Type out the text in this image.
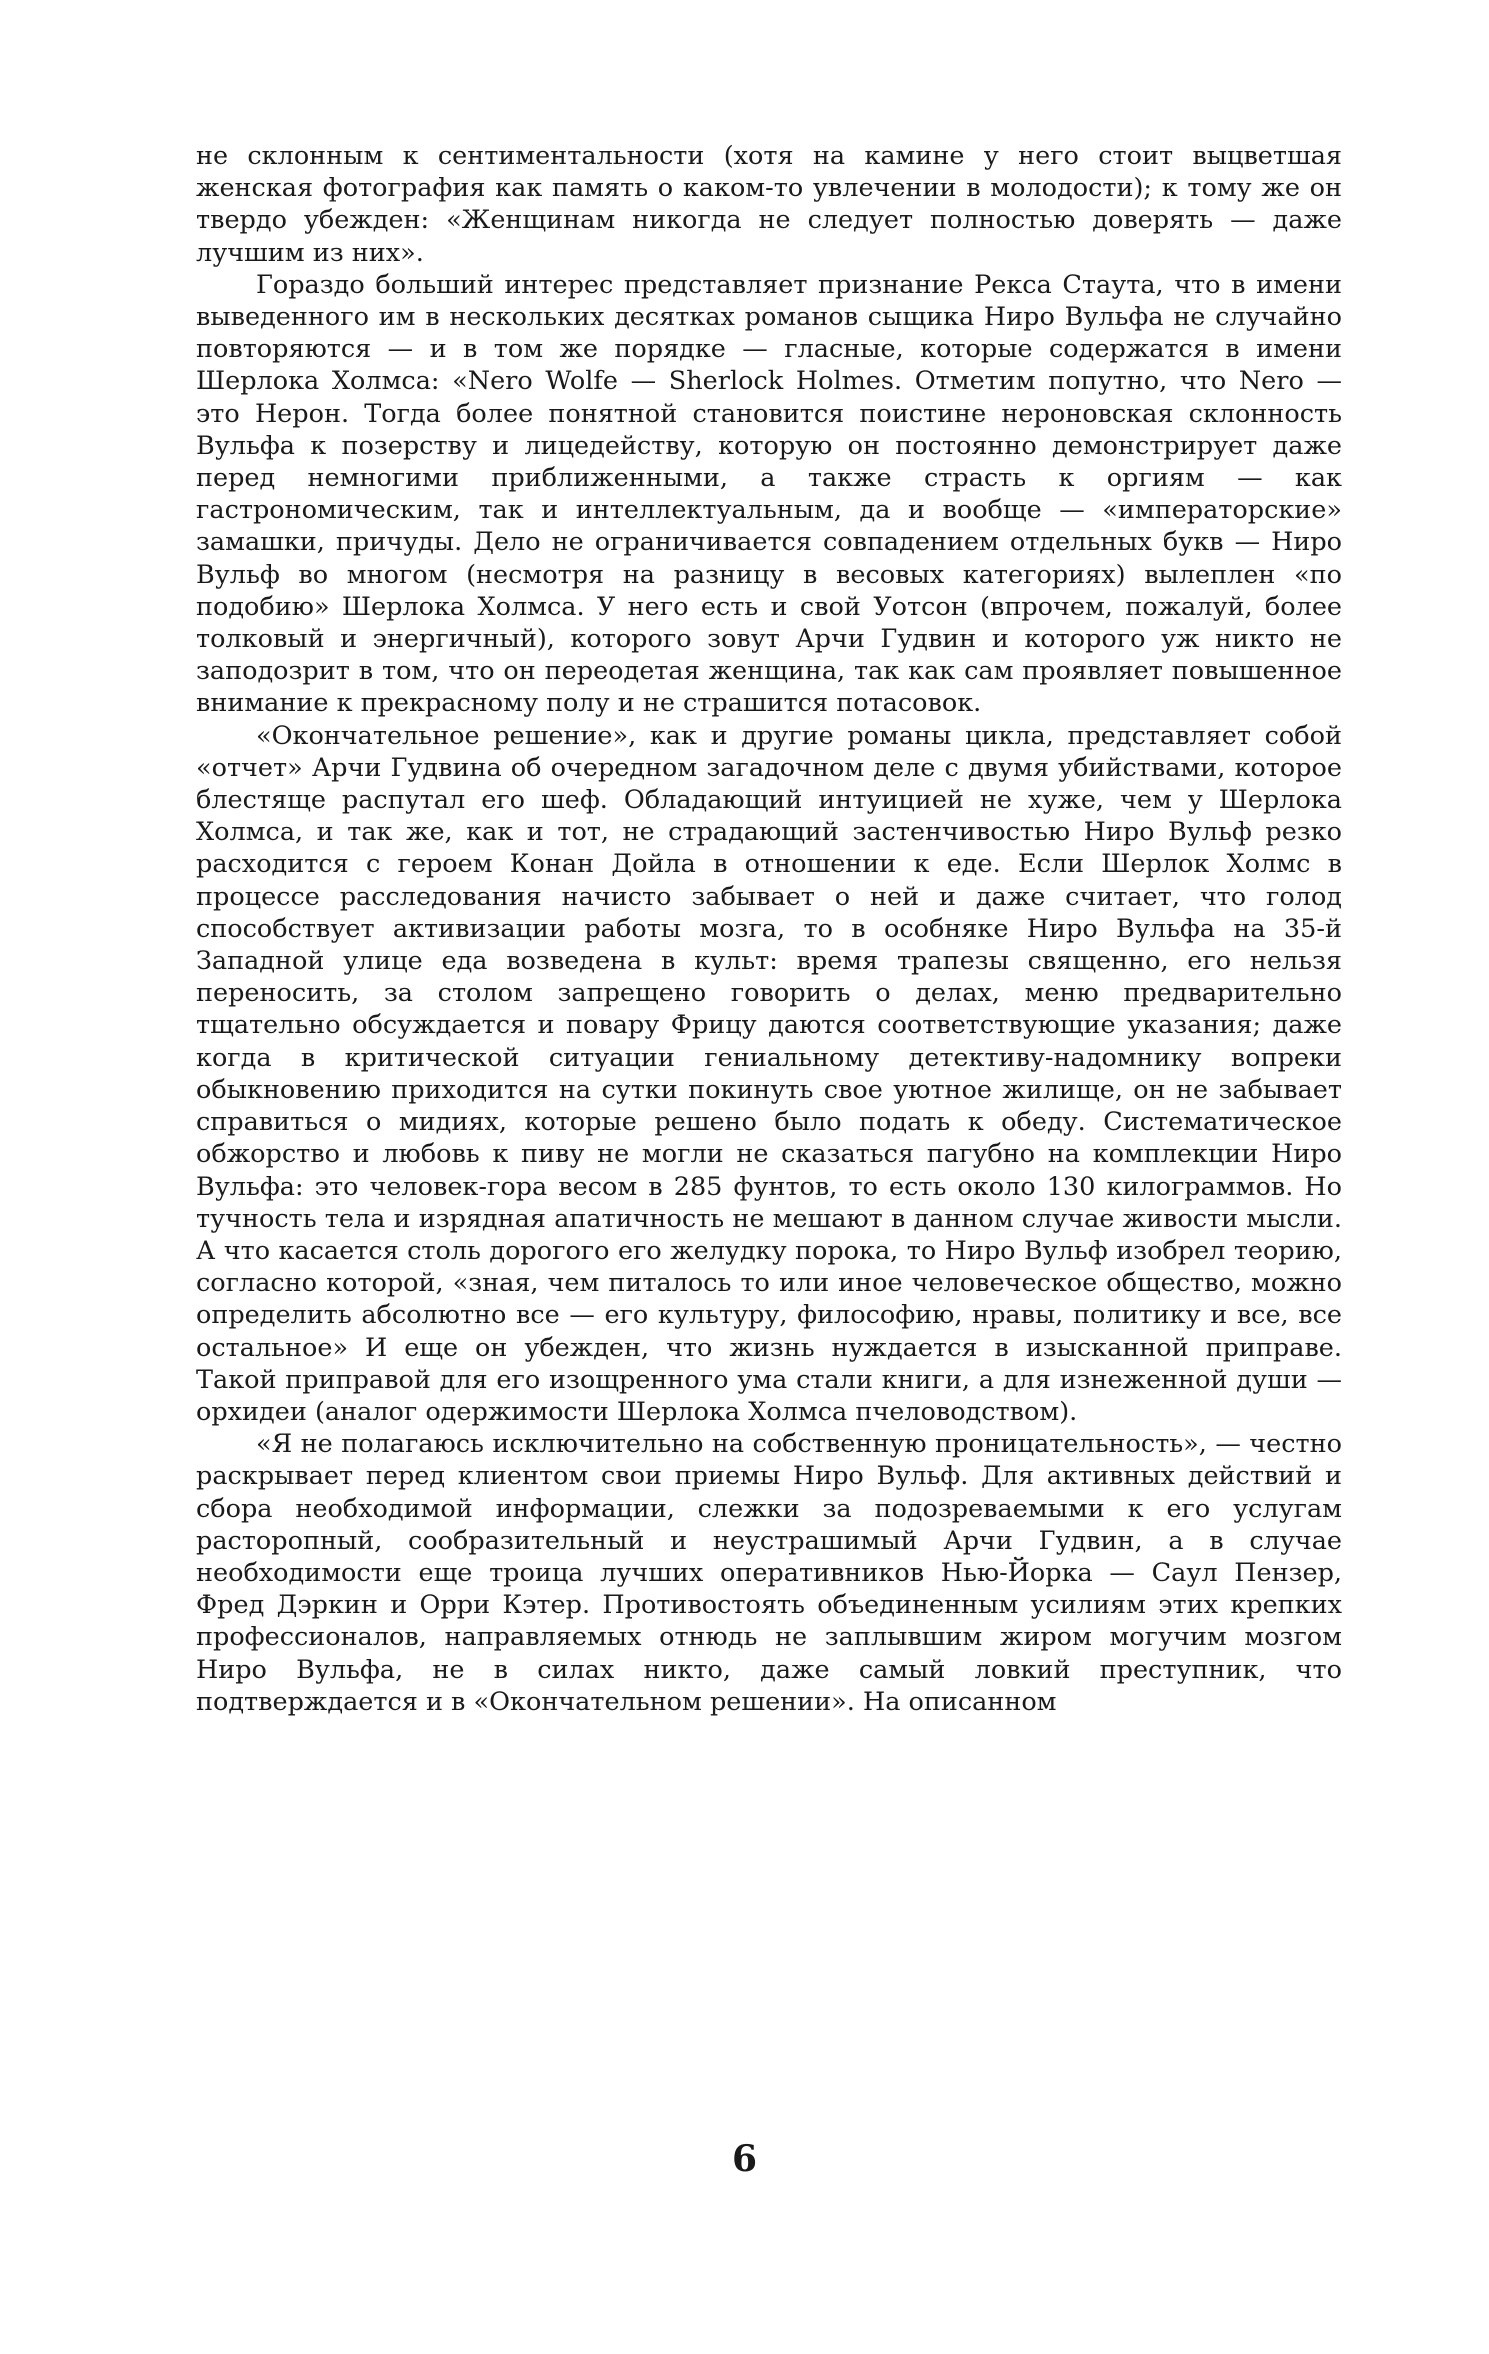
не склонным к сентиментальности (хотя на камине у него стоит выцветшая женская фотография как память о каком-то увлечении в молодости); к тому же он твердо убежден: «Женщинам никогда не следует полностью доверять — даже лучшим из них».

Гораздо больший интерес представляет признание Рекса Стаута, что в имени выведенного им в нескольких десятках романов сыщика Ниро Вульфа не случайно повторяются — и в том же порядке — гласные, которые содержатся в имени Шерлока Холмса: «Nero Wolfe — Sherlock Holmes. Отметим попутно, что Nero — это Нерон. Тогда более понятной становится поистине нероновская склонность Вульфа к позерству и лицедейству, которую он постоянно демонстрирует даже перед немногими приближенными, а также страсть к оргиям — как гастрономическим, так и интеллектуальным, да и вообще — «императорские» замашки, причуды. Дело не ограничивается совпадением отдельных букв — Ниро Вульф во многом (несмотря на разницу в весовых категориях) вылеплен «по подобию» Шерлока Холмса. У него есть и свой Уотсон (впрочем, пожалуй, более толковый и энергичный), которого зовут Арчи Гудвин и которого уж никто не заподозрит в том, что он переодетая женщина, так как сам проявляет повышенное внимание к прекрасному полу и не страшится потасовок.

«Окончательное решение», как и другие романы цикла, представляет собой «отчет» Арчи Гудвина об очередном загадочном деле с двумя убийствами, которое блестяще распутал его шеф. Обладающий интуицией не хуже, чем у Шерлока Холмса, и так же, как и тот, не страдающий застенчивостью Ниро Вульф резко расходится с героем Конан Дойла в отношении к еде. Если Шерлок Холмс в процессе расследования начисто забывает о ней и даже считает, что голод способствует активизации работы мозга, то в особняке Ниро Вульфа на 35-й Западной улице еда возведена в культ: время трапезы священно, его нельзя переносить, за столом запрещено говорить о делах, меню предварительно тщательно обсуждается и повару Фрицу даются соответствующие указания; даже когда в критической ситуации гениальному детективу-надомнику вопреки обыкновению приходится на сутки покинуть свое уютное жилище, он не забывает справиться о мидиях, которые решено было подать к обеду. Систематическое обжорство и любовь к пиву не могли не сказаться пагубно на комплекции Ниро Вульфа: это человек-гора весом в 285 фунтов, то есть около 130 килограммов. Но тучность тела и изрядная апатичность не мешают в данном случае живости мысли. А что касается столь дорогого его желудку порока, то Ниро Вульф изобрел теорию, согласно которой, «зная, чем питалось то или иное человеческое общество, можно определить абсолютно все — его культуру, философию, нравы, политику и все, все остальное» И еще он убежден, что жизнь нуждается в изысканной приправе. Такой приправой для его изощренного ума стали книги, а для изнеженной души — орхидеи (аналог одержимости Шерлока Холмса пчеловодством).

«Я не полагаюсь исключительно на собственную проницательность», — честно раскрывает перед клиентом свои приемы Ниро Вульф. Для активных действий и сбора необходимой информации, слежки за подозреваемыми к его услугам расторопный, сообразительный и неустрашимый Арчи Гудвин, а в случае необходимости еще троица лучших оперативников Нью-Йорка — Саул Пензер, Фред Дэркин и Орри Кэтер. Противостоять объединенным усилиям этих крепких профессионалов, направляемых отнюдь не заплывшим жиром могучим мозгом Ниро Вульфа, не в силах никто, даже самый ловкий преступник, что подтверждается и в «Окончательном решении». На описанном

6
